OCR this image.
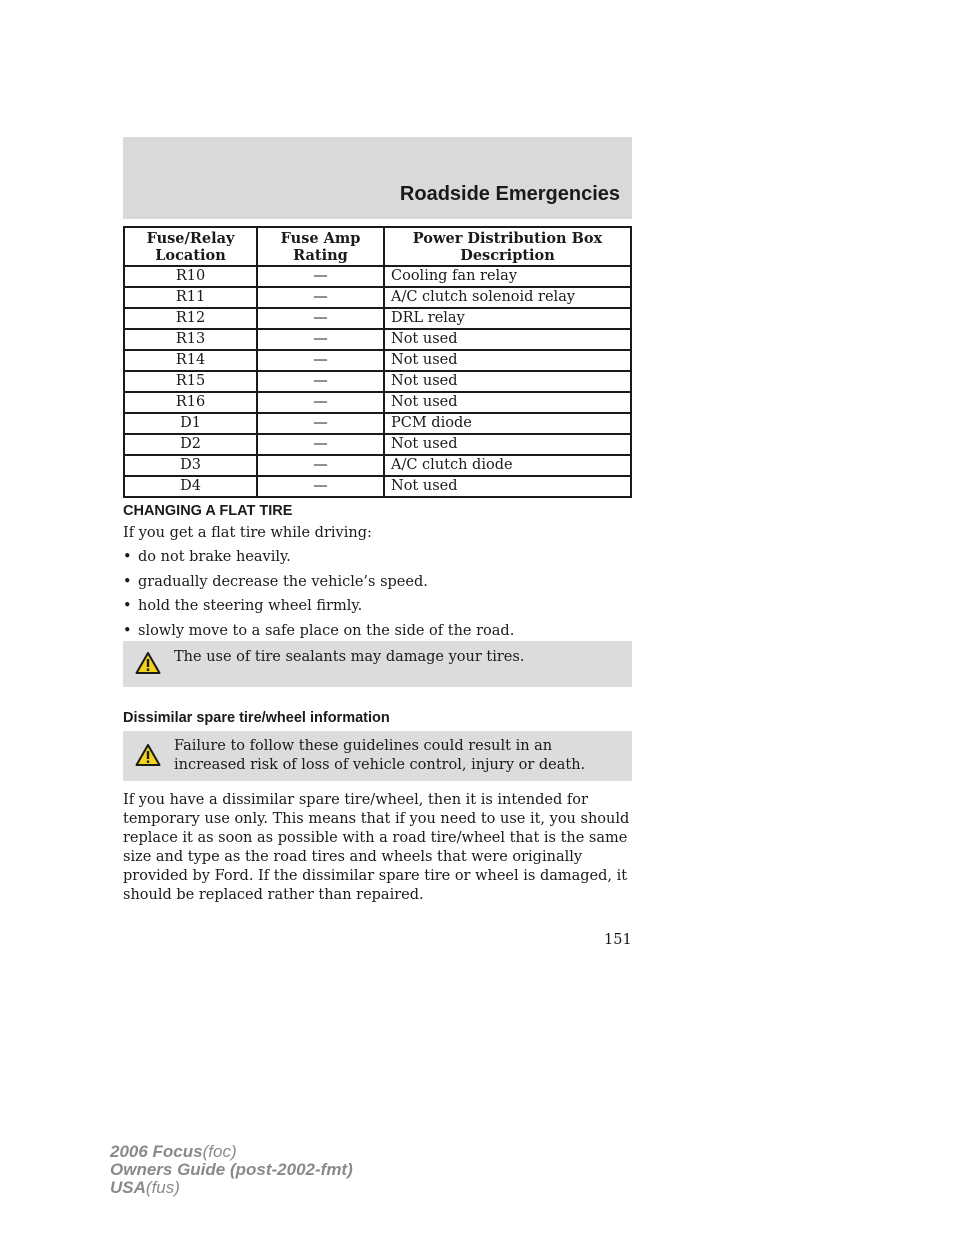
Roadside Emergencies
Fuse/Relay Location	Fuse Amp Rating	Power Distribution Box Description
R10	—	Cooling fan relay
R11	—	A/C clutch solenoid relay
R12	—	DRL relay
R13	—	Not used
R14	—	Not used
R15	—	Not used
R16	—	Not used
D1	—	PCM diode
D2	—	Not used
D3	—	A/C clutch diode
D4	—	Not used
CHANGING A FLAT TIRE
If you get a flat tire while driving:
• do not brake heavily.
• gradually decrease the vehicle’s speed.
• hold the steering wheel firmly.
• slowly move to a safe place on the side of the road.
The use of tire sealants may damage your tires.
Dissimilar spare tire/wheel information
Failure to follow these guidelines could result in an increased risk of loss of vehicle control, injury or death.
If you have a dissimilar spare tire/wheel, then it is intended for temporary use only. This means that if you need to use it, you should replace it as soon as possible with a road tire/wheel that is the same size and type as the road tires and wheels that were originally provided by Ford. If the dissimilar spare tire or wheel is damaged, it should be replaced rather than repaired.
151
2006 Focus(foc)
Owners Guide (post-2002-fmt)
USA(fus)
